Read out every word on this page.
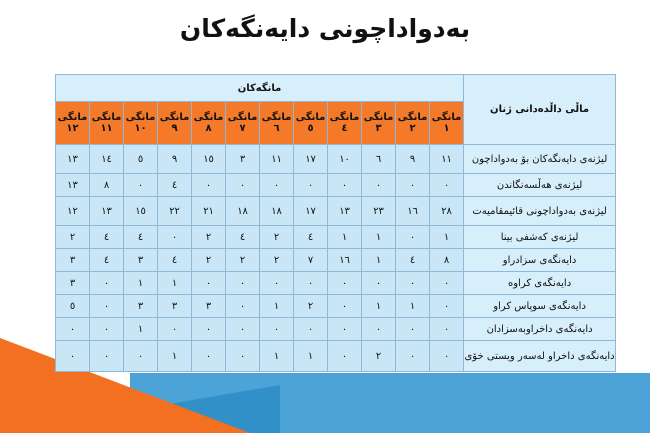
بەدواداچونی دایەنگەکان
ماڵی داڵدەدانی ژنان	مانگەکان											
	مانگی ١	مانگی ٢	مانگی ٣	مانگی ٤	مانگی ٥	مانگی ٦	مانگی ٧	مانگی ٨	مانگی ٩	مانگی ١٠	مانگی ١١	مانگی ١٢
لیژنەی دایەنگەکان بۆ بەدواداچون	١١	٩	٦	١٠	١٧	١١	٣	١٥	٩	٥	١٤	١٣
لیژنەی هەڵسەنگاندن	٠	٠	٠	٠	٠	٠	٠	٠	٤	٠	٨	١٣
لیژنەی بەدواداچونی قائیمقامیەت	٢٨	١٦	٢٣	١٣	١٧	١٨	١٨	٢١	٢٢	١٥	١٣	١٢
لیژنەی کەشفی بینا	١	٠	١	١	٤	٢	٤	٢	٠	٤	٤	٢
دایەنگەی سزادراو	٨	٤	١	١٦	٧	٢	٢	٢	٤	٣	٤	٣
دایەنگەی کراوە	٠	٠	٠	٠	٠	٠	٠	٠	١	١	٠	٣
دایەنگەی سوپاس کراو	٠	١	١	٠	٢	١	٠	٣	٣	٣	٠	٥
دایەنگەی داخراوبەسزادان	٠	٠	٠	٠	٠	٠	٠	٠	٠	١	٠	٠
دایەنگەی داخراو لەسەر ویستی خۆی	٠	٠	٢	٠	١	١	٠	٠	١	٠	٠	٠
